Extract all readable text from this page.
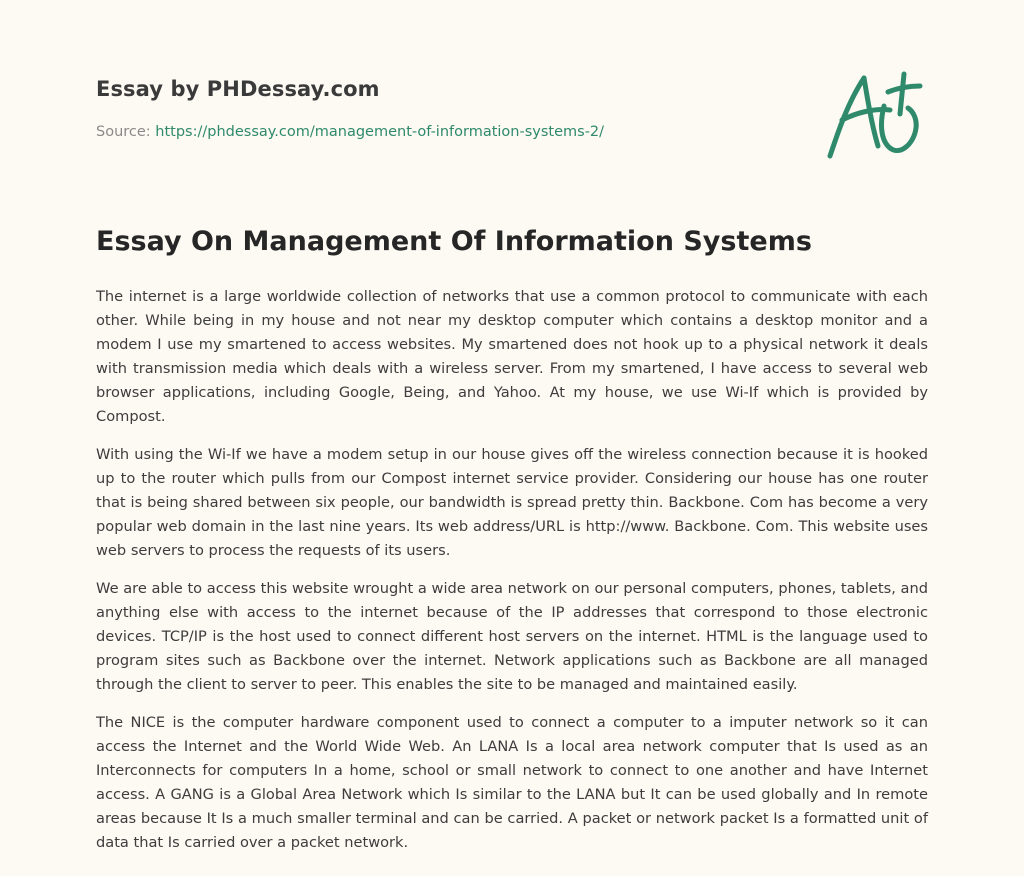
Essay by PHDessay.com
Source: https://phdessay.com/management-of-information-systems-2/
Essay On Management Of Information Systems

The internet is a large worldwide collection of networks that use a common protocol to communicate with each other. While being in my house and not near my desktop computer which contains a desktop monitor and a modem I use my smartened to access websites. My smartened does not hook up to a physical network it deals with transmission media which deals with a wireless server. From my smartened, I have access to several web browser applications, including Google, Being, and Yahoo. At my house, we use Wi-If which is provided by Compost.

With using the Wi-If we have a modem setup in our house gives off the wireless connection because it is hooked up to the router which pulls from our Compost internet service provider. Considering our house has one router that is being shared between six people, our bandwidth is spread pretty thin. Backbone. Com has become a very popular web domain in the last nine years. Its web address/URL is http://www. Backbone. Com. This website uses web servers to process the requests of its users.

We are able to access this website wrought a wide area network on our personal computers, phones, tablets, and anything else with access to the internet because of the IP addresses that correspond to those electronic devices. TCP/IP is the host used to connect different host servers on the internet. HTML is the language used to program sites such as Backbone over the internet. Network applications such as Backbone are all managed through the client to server to peer. This enables the site to be managed and maintained easily.

The NICE is the computer hardware component used to connect a computer to a imputer network so it can access the Internet and the World Wide Web. An LANA Is a local area network computer that Is used as an Interconnects for computers In a home, school or small network to connect to one another and have Internet access. A GANG is a Global Area Network which Is similar to the LANA but It can be used globally and In remote areas because It Is a much smaller terminal and can be carried. A packet or network packet Is a formatted unit of data that Is carried over a packet network.
